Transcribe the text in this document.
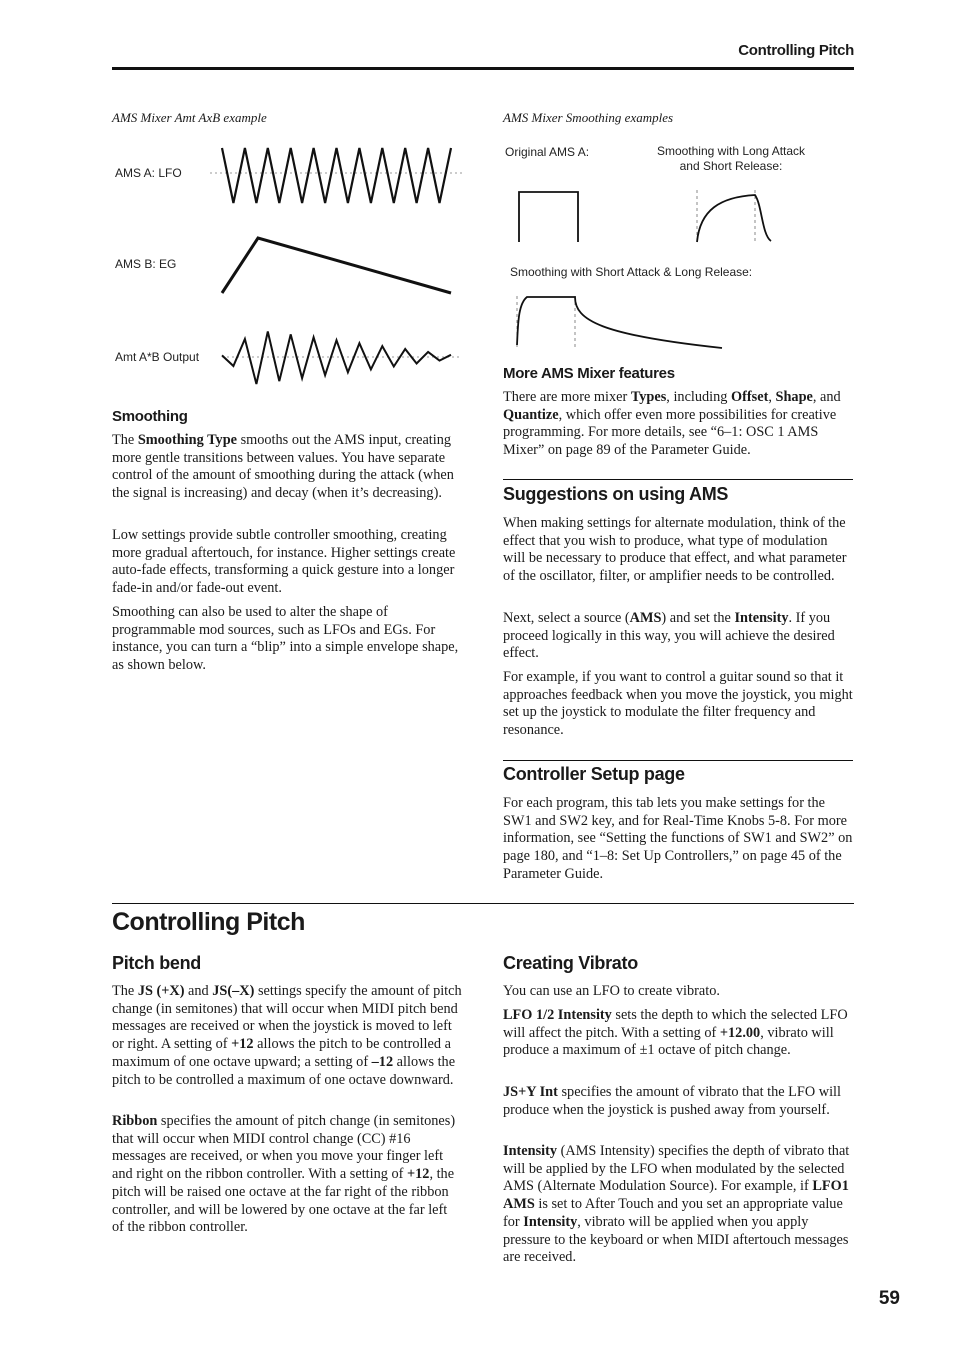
Controlling Pitch
AMS Mixer Amt AxB example
AMS A: LFO
AMS B: EG
Amt A*B Output
AMS Mixer Smoothing examples
Original AMS A:	Smoothing with Long Attack
and Short Release:
Smoothing with Short Attack & Long Release:
Smoothing

The Smoothing Type smooths out the AMS input, creating more gentle transitions between values. You have separate control of the amount of smoothing during the attack (when the signal is increasing) and decay (when it’s decreasing).

Low settings provide subtle controller smoothing, creating more gradual aftertouch, for instance. Higher settings create auto-fade effects, transforming a quick gesture into a longer fade-in and/or fade-out event.

Smoothing can also be used to alter the shape of programmable mod sources, such as LFOs and EGs. For instance, you can turn a “blip” into a simple envelope shape, as shown below.

More AMS Mixer features

There are more mixer Types, including Offset, Shape, and Quantize, which offer even more possibilities for creative programming. For more details, see “6–1: OSC 1 AMS Mixer” on page 89 of the Parameter Guide.

Suggestions on using AMS

When making settings for alternate modulation, think of the effect that you wish to produce, what type of modulation will be necessary to produce that effect, and what parameter of the oscillator, filter, or amplifier needs to be controlled.

Next, select a source (AMS) and set the Intensity. If you proceed logically in this way, you will achieve the desired effect.

For example, if you want to control a guitar sound so that it approaches feedback when you move the joystick, you might set up the joystick to modulate the filter frequency and resonance.

Controller Setup page

For each program, this tab lets you make settings for the SW1 and SW2 key, and for Real-Time Knobs 5-8. For more information, see “Setting the functions of SW1 and SW2” on page 180, and “1–8: Set Up Controllers,” on page 45 of the Parameter Guide.

Controlling Pitch
Pitch bend

The JS (+X) and JS(–X) settings specify the amount of pitch change (in semitones) that will occur when MIDI pitch bend messages are received or when the joystick is moved to left or right. A setting of +12 allows the pitch to be controlled a maximum of one octave upward; a setting of –12 allows the pitch to be controlled a maximum of one octave downward.

Ribbon specifies the amount of pitch change (in semitones) that will occur when MIDI control change (CC) #16 messages are received, or when you move your finger left and right on the ribbon controller. With a setting of +12, the pitch will be raised one octave at the far right of the ribbon controller, and will be lowered by one octave at the far left of the ribbon controller.

Creating Vibrato

You can use an LFO to create vibrato.

LFO 1/2 Intensity sets the depth to which the selected LFO will affect the pitch. With a setting of +12.00, vibrato will produce a maximum of ±1 octave of pitch change.

JS+Y Int specifies the amount of vibrato that the LFO will produce when the joystick is pushed away from yourself.

Intensity (AMS Intensity) specifies the depth of vibrato that will be applied by the LFO when modulated by the selected AMS (Alternate Modulation Source). For example, if LFO1 AMS is set to After Touch and you set an appropriate value for Intensity, vibrato will be applied when you apply pressure to the keyboard or when MIDI aftertouch messages are received.

59
